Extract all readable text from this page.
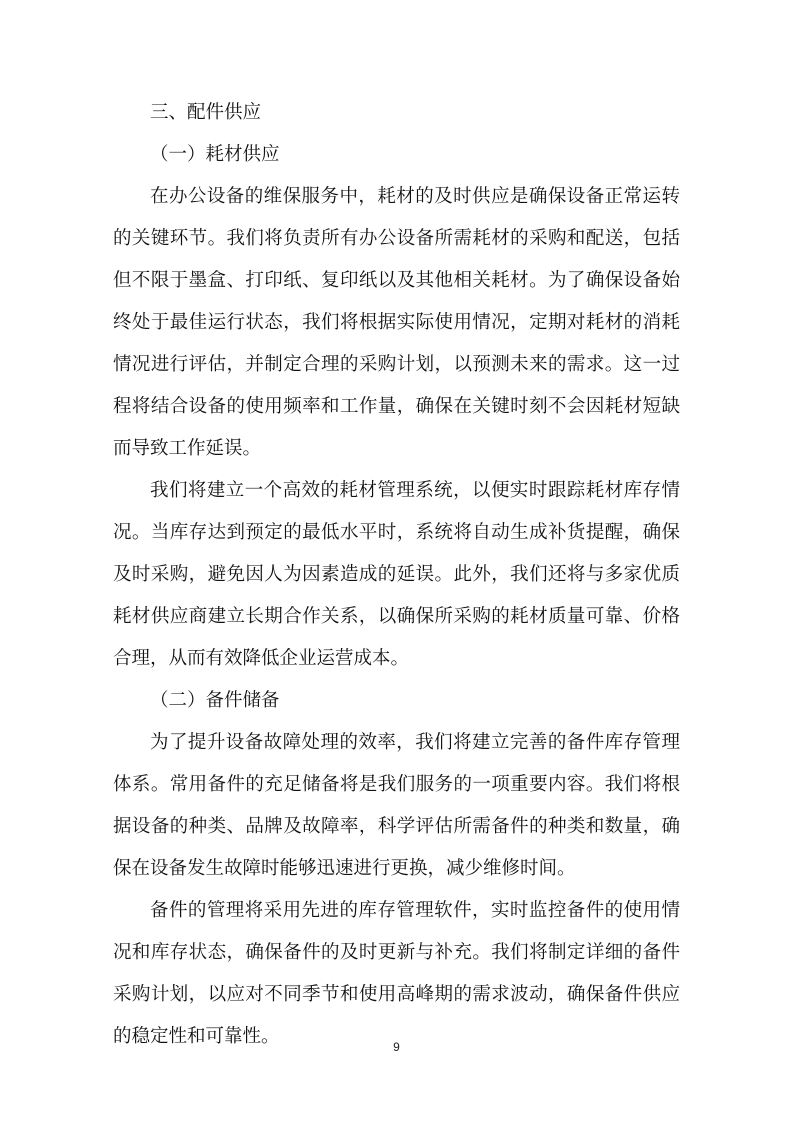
三、配件供应
（一）耗材供应
在办公设备的维保服务中，耗材的及时供应是确保设备正常运转
的关键环节。我们将负责所有办公设备所需耗材的采购和配送，包括
但不限于墨盒、打印纸、复印纸以及其他相关耗材。为了确保设备始
终处于最佳运行状态，我们将根据实际使用情况，定期对耗材的消耗
情况进行评估，并制定合理的采购计划，以预测未来的需求。这一过
程将结合设备的使用频率和工作量，确保在关键时刻不会因耗材短缺
而导致工作延误。
我们将建立一个高效的耗材管理系统，以便实时跟踪耗材库存情
况。当库存达到预定的最低水平时，系统将自动生成补货提醒，确保
及时采购，避免因人为因素造成的延误。此外，我们还将与多家优质
耗材供应商建立长期合作关系，以确保所采购的耗材质量可靠、价格
合理，从而有效降低企业运营成本。
（二）备件储备
为了提升设备故障处理的效率，我们将建立完善的备件库存管理
体系。常用备件的充足储备将是我们服务的一项重要内容。我们将根
据设备的种类、品牌及故障率，科学评估所需备件的种类和数量，确
保在设备发生故障时能够迅速进行更换，减少维修时间。
备件的管理将采用先进的库存管理软件，实时监控备件的使用情
况和库存状态，确保备件的及时更新与补充。我们将制定详细的备件
采购计划，以应对不同季节和使用高峰期的需求波动，确保备件供应
的稳定性和可靠性。	9
